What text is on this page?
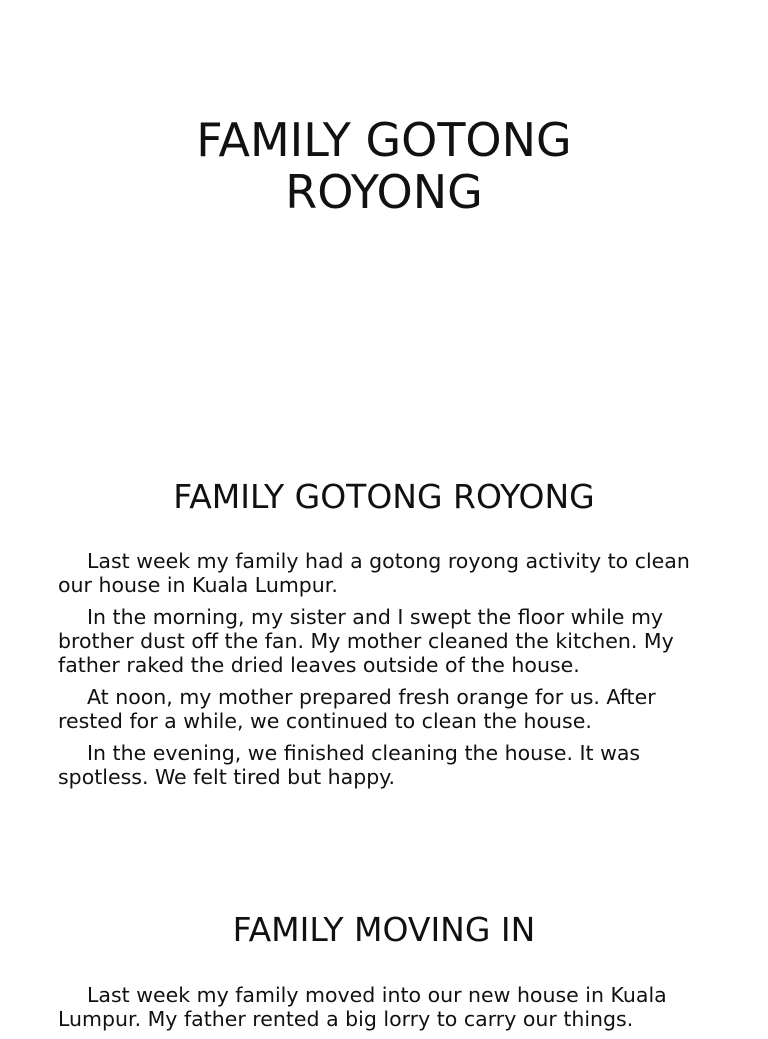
FAMILY GOTONG
ROYONG
FAMILY GOTONG ROYONG

Last week my family had a gotong royong activity to clean our house in Kuala Lumpur.

In the morning, my sister and I swept the floor while my brother dust off the fan. My mother cleaned the kitchen. My father raked the dried leaves outside of the house.

At noon, my mother prepared fresh orange for us. After rested for a while, we continued to clean the house.

In the evening, we finished cleaning the house. It was spotless. We felt tired but happy.

FAMILY MOVING IN

Last week my family moved into our new house in Kuala Lumpur. My father rented a big lorry to carry our things.
